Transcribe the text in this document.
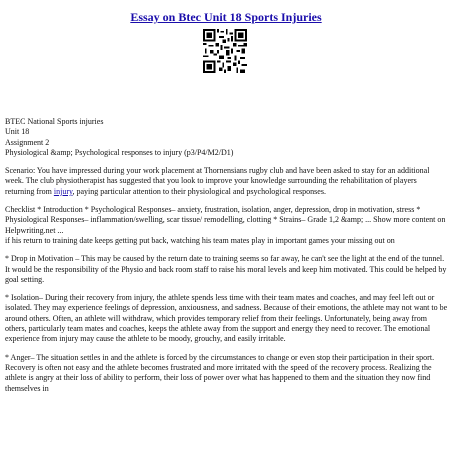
Essay on Btec Unit 18 Sports Injuries

BTEC National Sports injuries
Unit 18
Assignment 2
Physiological &amp; Psychological responses to injury (p3/P4/M2/D1)

Scenario: You have impressed during your work placement at Thornensians rugby club and have been asked to stay for an additional week. The club physiotherapist has suggested that you look to improve your knowledge surrounding the rehabilitation of players returning from injury, paying particular attention to their physiological and psychological responses.

Checklist * Introduction * Psychological Responses– anxiety, frustration, isolation, anger, depression, drop in motivation, stress * Physiological Responses– inflammation/swelling, scar tissue/ remodelling, clotting * Strains– Grade 1,2 &amp; ... Show more content on Helpwriting.net ...
if his return to training date keeps getting put back, watching his team mates play in important games your missing out on

* Drop in Motivation – This may be caused by the return date to training seems so far away, he can't see the light at the end of the tunnel. It would be the responsibility of the Physio and back room staff to raise his moral levels and keep him motivated. This could be helped by goal setting.

* Isolation– During their recovery from injury, the athlete spends less time with their team mates and coaches, and may feel left out or isolated. They may experience feelings of depression, anxiousness, and sadness. Because of their emotions, the athlete may not want to be around others. Often, an athlete will withdraw, which provides temporary relief from their feelings. Unfortunately, being away from others, particularly team mates and coaches, keeps the athlete away from the support and energy they need to recover. The emotional experience from injury may cause the athlete to be moody, grouchy, and easily irritable.

* Anger– The situation settles in and the athlete is forced by the circumstances to change or even stop their participation in their sport. Recovery is often not easy and the athlete becomes frustrated and more irritated with the speed of the recovery process. Realizing the athlete is angry at their loss of ability to perform, their loss of power over what has happened to them and the situation they now find themselves in
